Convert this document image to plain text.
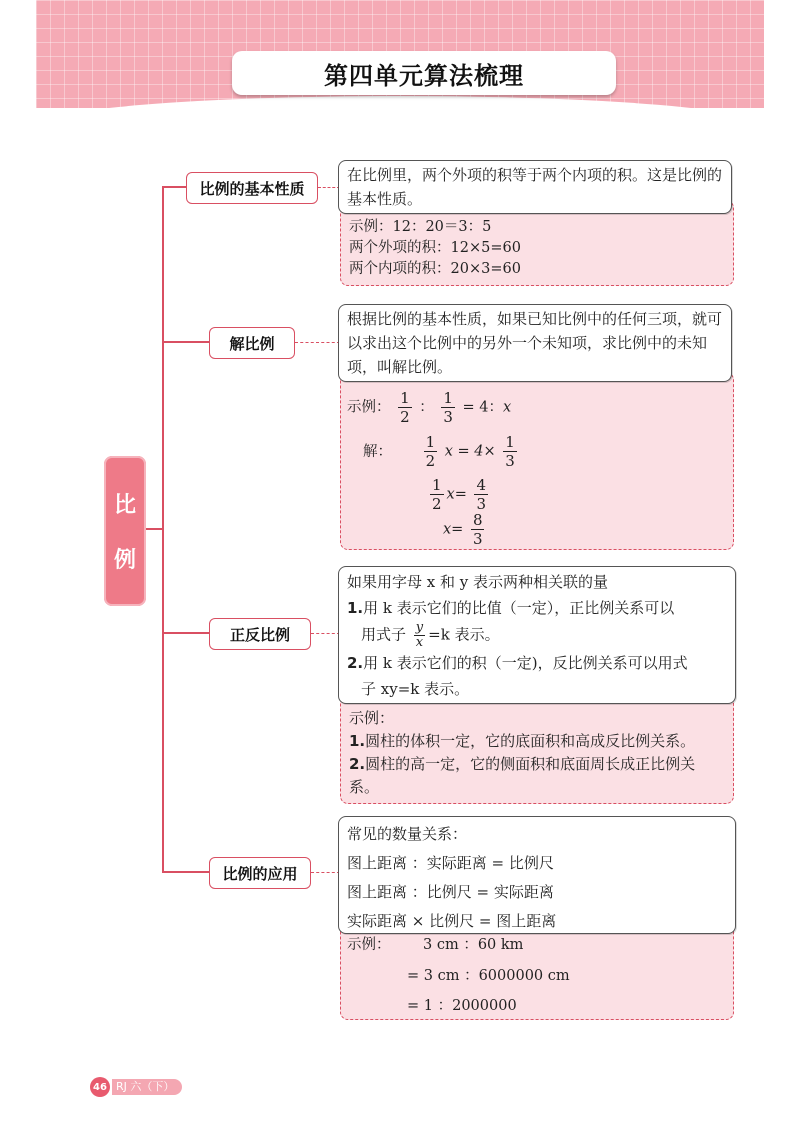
第四单元算法梳理
比
例
比例的基本性质
解比例
正反比例
比例的应用
示例：12：20＝3：5
两个外项的积：12×5=60
两个内项的积：20×3=60
在比例里，两个外项的积等于两个内项的积。这是比例的基本性质。
示例： $\frac{1}{2}$ ： $\frac{1}{3} = 4$：x
解： $\frac{1}{2}$ $x = 4\times \frac{1}{3}$
$\frac{1}{2} x= \frac{4}{3}$
$x= \frac{8}{3}$
根据比例的基本性质，如果已知比例中的任何三项，就可以求出这个比例中的另外一个未知项，求比例中的未知项，叫解比例。
示例：
1.圆柱的体积一定，它的底面积和高成反比例关系。
2.圆柱的高一定，它的侧面积和底面周长成正比例关系。
如果用字母 x 和 y 表示两种相关联的量
1.用 k 表示它们的比值（一定），正比例关系可以
用式子 $\frac{y}{x} =k$ 表示。
2.用 k 表示它们的积（一定)，反比例关系可以用式
子 xy=k 表示。
示例： 3 cm ：60 km
= 3 cm ：6000000 cm
= 1 ：2000000
常见的数量关系：
图上距离 ：实际距离 = 比例尺
图上距离 ：比例尺 = 实际距离
实际距离 × 比例尺 = 图上距离
46 RJ 六（下）
